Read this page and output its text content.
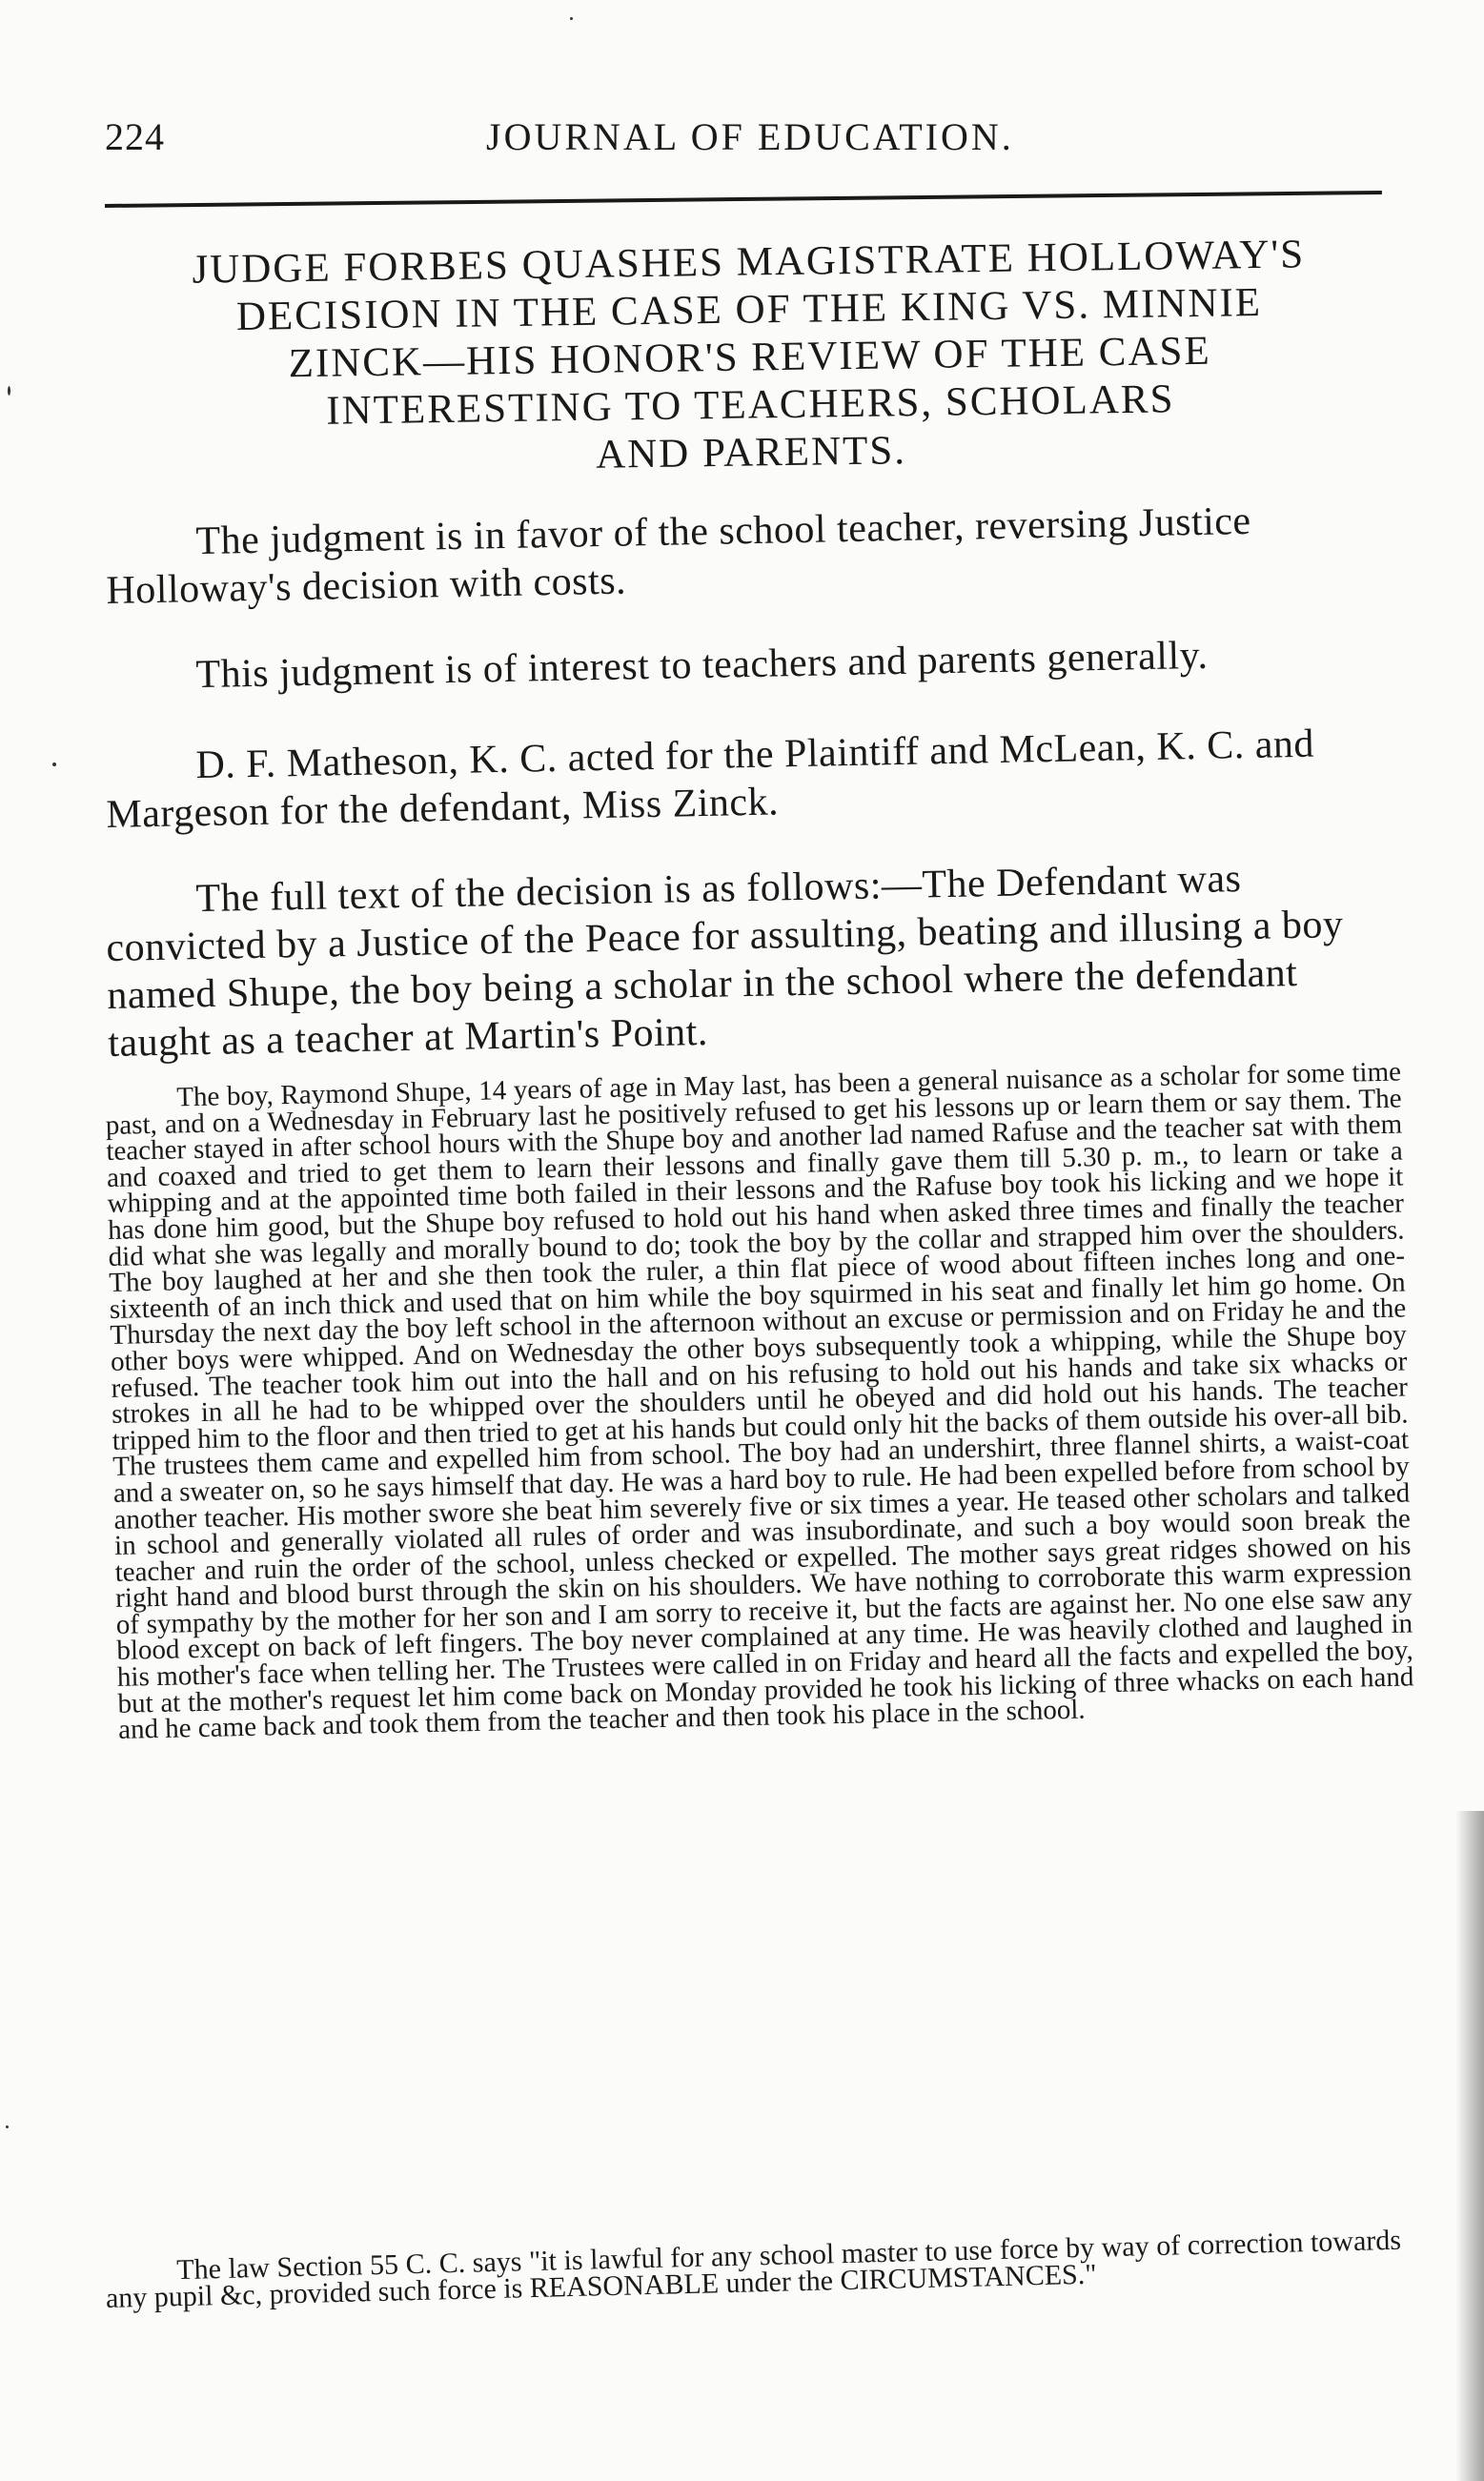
224	JOURNAL OF EDUCATION.
JUDGE FORBES QUASHES MAGISTRATE HOLLOWAY'S
DECISION IN THE CASE OF THE KING VS. MINNIE
ZINCK—HIS HONOR'S REVIEW OF THE CASE
INTERESTING TO TEACHERS, SCHOLARS
AND PARENTS.

The judgment is in favor of the school teacher, reversing Justice Holloway's decision with costs.

This judgment is of interest to teachers and parents generally.

D. F. Matheson, K. C. acted for the Plaintiff and McLean, K. C. and Margeson for the defendant, Miss Zinck.

The full text of the decision is as follows:—The Defendant was convicted by a Justice of the Peace for assulting, beating and illusing a boy named Shupe, the boy being a scholar in the school where the defendant taught as a teacher at Martin's Point.

The boy, Raymond Shupe, 14 years of age in May last, has been a general nuisance as a scholar for some time past, and on a Wednesday in February last he positively refused to get his lessons up or learn them or say them. The teacher stayed in after school hours with the Shupe boy and another lad named Rafuse and the teacher sat with them and coaxed and tried to get them to learn their lessons and finally gave them till 5.30 p. m., to learn or take a whipping and at the appointed time both failed in their lessons and the Rafuse boy took his licking and we hope it has done him good, but the Shupe boy refused to hold out his hand when asked three times and finally the teacher did what she was legally and morally bound to do; took the boy by the collar and strapped him over the shoulders. The boy laughed at her and she then took the ruler, a thin flat piece of wood about fifteen inches long and one-sixteenth of an inch thick and used that on him while the boy squirmed in his seat and finally let him go home. On Thursday the next day the boy left school in the afternoon without an excuse or permission and on Friday he and the other boys were whipped. And on Wednesday the other boys subsequently took a whipping, while the Shupe boy refused. The teacher took him out into the hall and on his refusing to hold out his hands and take six whacks or strokes in all he had to be whipped over the shoulders until he obeyed and did hold out his hands. The teacher tripped him to the floor and then tried to get at his hands but could only hit the backs of them outside his over-all bib. The trustees them came and expelled him from school. The boy had an undershirt, three flannel shirts, a waist-coat and a sweater on, so he says himself that day. He was a hard boy to rule. He had been expelled before from school by another teacher. His mother swore she beat him severely five or six times a year. He teased other scholars and talked in school and generally violated all rules of order and was insubordinate, and such a boy would soon break the teacher and ruin the order of the school, unless checked or expelled. The mother says great ridges showed on his right hand and blood burst through the skin on his shoulders. We have nothing to corroborate this warm expression of sympathy by the mother for her son and I am sorry to receive it, but the facts are against her. No one else saw any blood except on back of left fingers. The boy never complained at any time. He was heavily clothed and laughed in his mother's face when telling her. The Trustees were called in on Friday and heard all the facts and expelled the boy, but at the mother's request let him come back on Monday provided he took his licking of three whacks on each hand and he came back and took them from the teacher and then took his place in the school.

The law Section 55 C. C. says "it is lawful for any school master to use force by way of correction towards any pupil &c, provided such force is REASONABLE under the CIRCUMSTANCES."
